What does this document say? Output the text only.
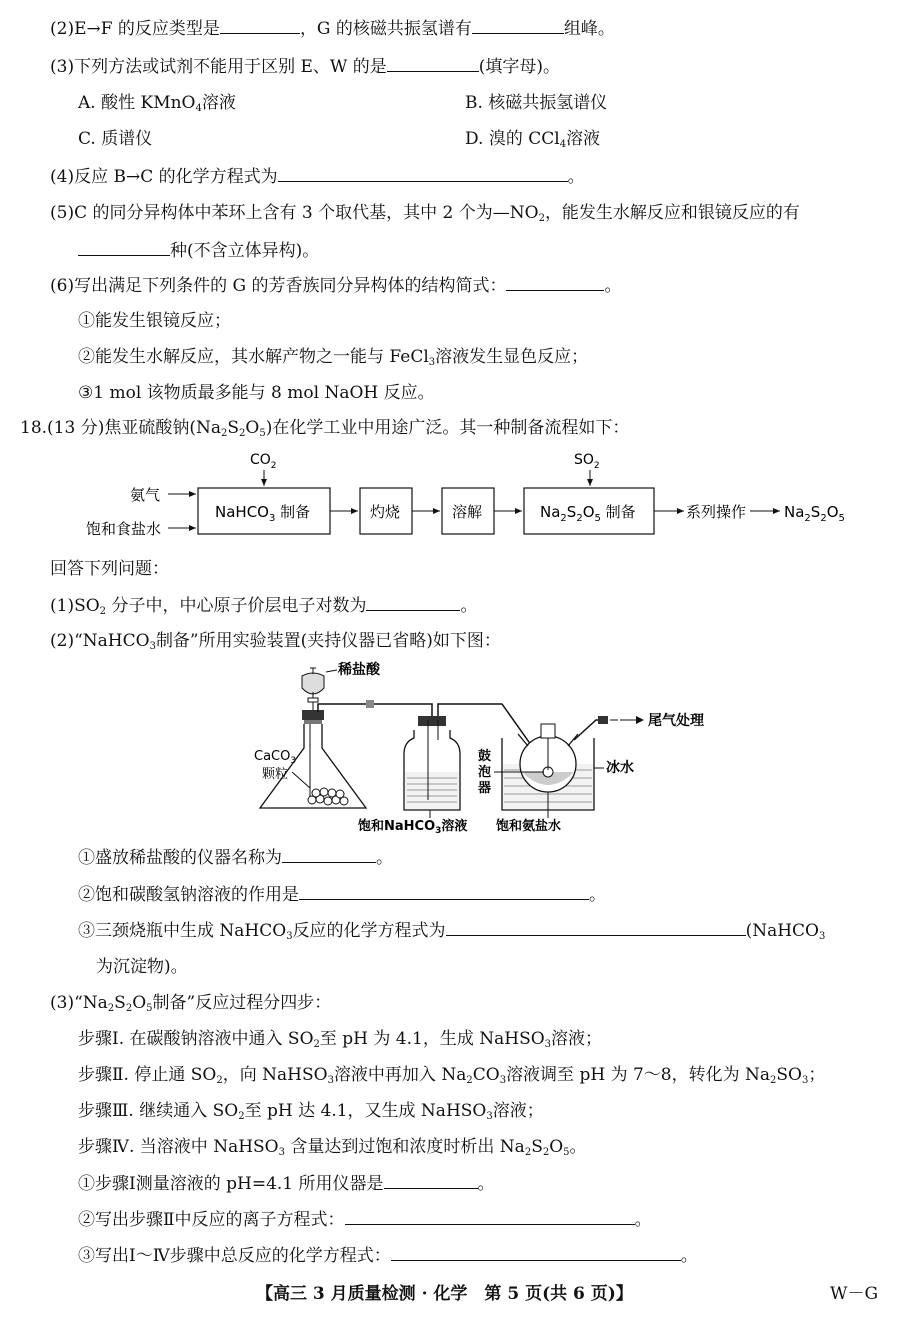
(2)E→F 的反应类型是	，G 的核磁共振氢谱有	组峰。
(3)下列方法或试剂不能用于区别 E、W 的是	(填字母)。
A. 酸性 KMnO$_4$溶液	B. 核磁共振氢谱仪
C. 质谱仪	D. 溴的 CCl$_4$溶液
(4)反应 B→C 的化学方程式为	。
(5)C 的同分异构体中苯环上含有 3 个取代基，其中 2 个为$—NO_2$，能发生水解反应和银镜反应的有
种(不含立体异构)。
(6)写出满足下列条件的 G 的芳香族同分异构体的结构简式：	。
①能发生银镜反应；
②能发生水解反应，其水解产物之一能与 FeCl$_3$溶液发生显色反应；
③1 mol 该物质最多能与 8 mol NaOH 反应。
18.(13 分)焦亚硫酸钠$(Na_2S_2O_5)$在化学工业中用途广泛。其一种制备流程如下：
$CO_2$	$SO_2$
氨气
饱和食盐水
NaHCO$_3$ 制备	灼烧	溶解	$Na_2S_2O_5$ 制备	系列操作	$Na_2S_2O_5$
回答下列问题：
$(1)SO_2$ 分子中，中心原子价层电子对数为	。
(2)“NaHCO$_3$制备”所用实验装置(夹持仪器已省略)如下图：
稀盐酸
CaCO$_3$
颗粒
饱和NaHCO$_3$溶液
尾气处理
鼓
泡
器
冰水
饱和氨盐水
①盛放稀盐酸的仪器名称为	。
②饱和碳酸氢钠溶液的作用是	。
③三颈烧瓶中生成 NaHCO$_3$反应的化学方程式为	(NaHCO$_3$
为沉淀物)。
$(3)“Na_2S_2O_5$制备”反应过程分四步：
步骤Ⅰ. 在碳酸钠溶液中通入 $SO_2$至 pH 为 4.1，生成 NaHSO$_3$溶液；
步骤Ⅱ. 停止通 $SO_2$，向 NaHSO$_3$溶液中再加入 $Na_2CO_3$溶液调至 pH 为 7～8，转化为 $Na_2SO_3$；
步骤Ⅲ. 继续通入 $SO_2$至 pH 达 4.1，又生成 NaHSO$_3$溶液；
步骤Ⅳ. 当溶液中 NaHSO$_3$ 含量达到过饱和浓度时析出 $Na_2S_2O_5$。
①步骤Ⅰ测量溶液的 pH=4.1 所用仪器是	。
②写出步骤Ⅱ中反应的离子方程式：	。
③写出Ⅰ～Ⅳ步骤中总反应的化学方程式：	。
【高三 3 月质量检测 · 化学　第 5 页(共 6 页)】	W－G
